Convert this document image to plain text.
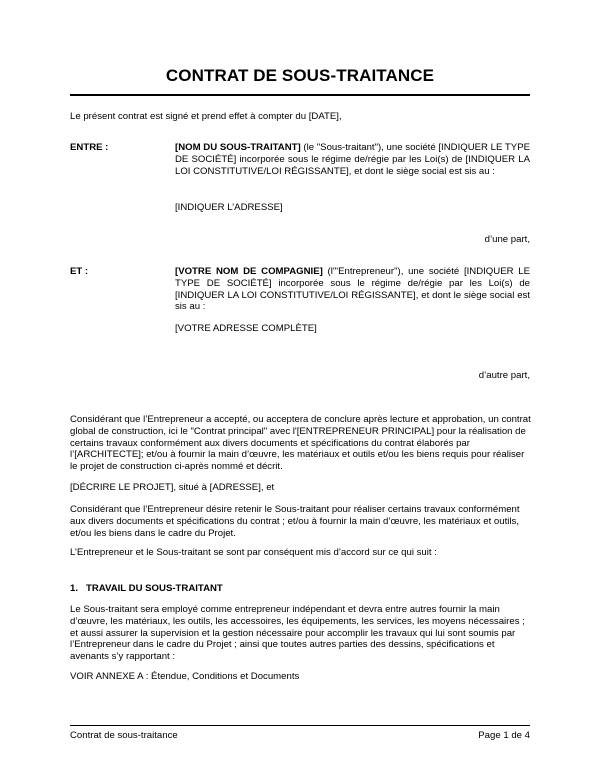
CONTRAT DE SOUS-TRAITANCE
Le présent contrat est signé et prend effet à compter du [DATE],
ENTRE :	[NOM DU SOUS-TRAITANT] (le "Sous-traitant"), une société [INDIQUER LE TYPE DE SOCIÉTÉ] incorporée sous le régime de/régie par les Loi(s) de [INDIQUER LA LOI CONSTITUTIVE/LOI RÉGISSANTE], et dont le siège social est sis au :
[INDIQUER L’ADRESSE]
d’une part,
ET :	[VOTRE NOM DE COMPAGNIE] (l'"Entrepreneur"), une société [INDIQUER LE TYPE DE SOCIÉTÉ] incorporée sous le régime de/régie par les Loi(s) de [INDIQUER LA LOI CONSTITUTIVE/LOI RÉGISSANTE], et dont le siège social est sis au :
[VOTRE ADRESSE COMPLÈTE]
d’autre part,
Considérant que l’Entrepreneur a accepté, ou acceptera de conclure après lecture et approbation, un contrat global de construction, ici le "Contrat principal" avec l'[ENTREPRENEUR PRINCIPAL] pour la réalisation de certains travaux conformément aux divers documents et spécifications du contrat élaborés par l’[ARCHITECTE]; et/ou à fournir la main d’œuvre, les matériaux et outils et/ou les biens requis pour réaliser le projet de construction ci-après nommé et décrit.
[DÉCRIRE LE PROJET], situé à [ADRESSE], et
Considérant que l’Entrepreneur désire retenir le Sous-traitant pour réaliser certains travaux conformément aux divers documents et spécifications du contrat ; et/ou à fournir la main d’œuvre, les matériaux et outils, et/ou les biens dans le cadre du Projet.
L’Entrepreneur et le Sous-traitant se sont par conséquent mis d’accord sur ce qui suit :
1.   TRAVAIL DU SOUS-TRAITANT
Le Sous-traitant sera employé comme entrepreneur indépendant et devra entre autres fournir la main d’œuvre, les matériaux, les outils, les accessoires, les équipements, les services, les moyens nécessaires ; et aussi assurer la supervision et la gestion nécessaire pour accomplir les travaux qui lui sont soumis par l’Entrepreneur dans le cadre du Projet ; ainsi que toutes autres parties des dessins, spécifications et avenants s’y rapportant :
VOIR ANNEXE A : Étendue, Conditions et Documents
Contrat de sous-traitance	Page 1 de 4
